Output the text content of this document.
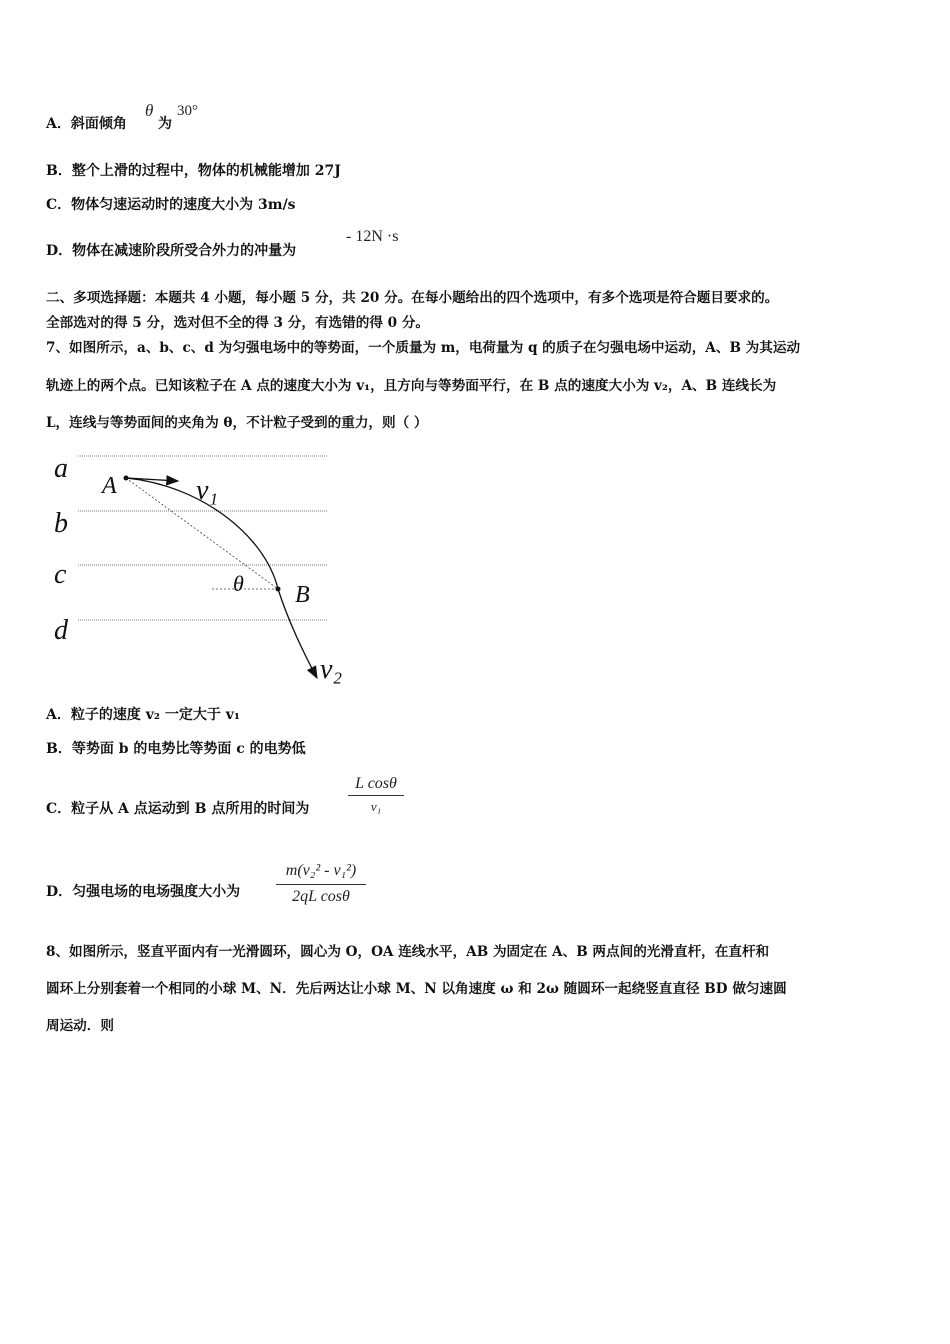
A．斜面倾角
θ
为
30°
B．整个上滑的过程中，物体的机械能增加 27J
C．物体匀速运动时的速度大小为 3m/s
D．物体在减速阶段所受合外力的冲量为
- 12N ·s
二、多项选择题：本题共 4 小题，每小题 5 分，共 20 分。在每小题给出的四个选项中，有多个选项是符合题目要求的。
全部选对的得 5 分，选对但不全的得 3 分，有选错的得 0 分。
7、如图所示，a、b、c、d 为匀强电场中的等势面，一个质量为 m，电荷量为 q 的质子在匀强电场中运动，A、B 为其运动
轨迹上的两个点。已知该粒子在 A 点的速度大小为 v₁，且方向与等势面平行，在 B 点的速度大小为 v₂，A、B 连线长为
L，连线与等势面间的夹角为 θ，不计粒子受到的重力，则（ ）
a
b
c
d
A	v₁
θ B
v₂
A．粒子的速度 v₂ 一定大于 v₁
B．等势面 b 的电势比等势面 c 的电势低
C．粒子从 A 点运动到 B 点所用的时间为
L cosθ
v₁
D．匀强电场的电场强度大小为 $\frac{\text{m(v₂² - v₁²)}}{\text{2qL cosθ}}$
8、如图所示，竖直平面内有一光滑圆环，圆心为 O，OA 连线水平，AB 为固定在 A、B 两点间的光滑直杆，在直杆和
圆环上分别套着一个相同的小球 M、N．先后两达让小球 M、N 以角速度 ω 和 2ω 随圆环一起绕竖直直径 BD 做匀速圆
周运动．则
